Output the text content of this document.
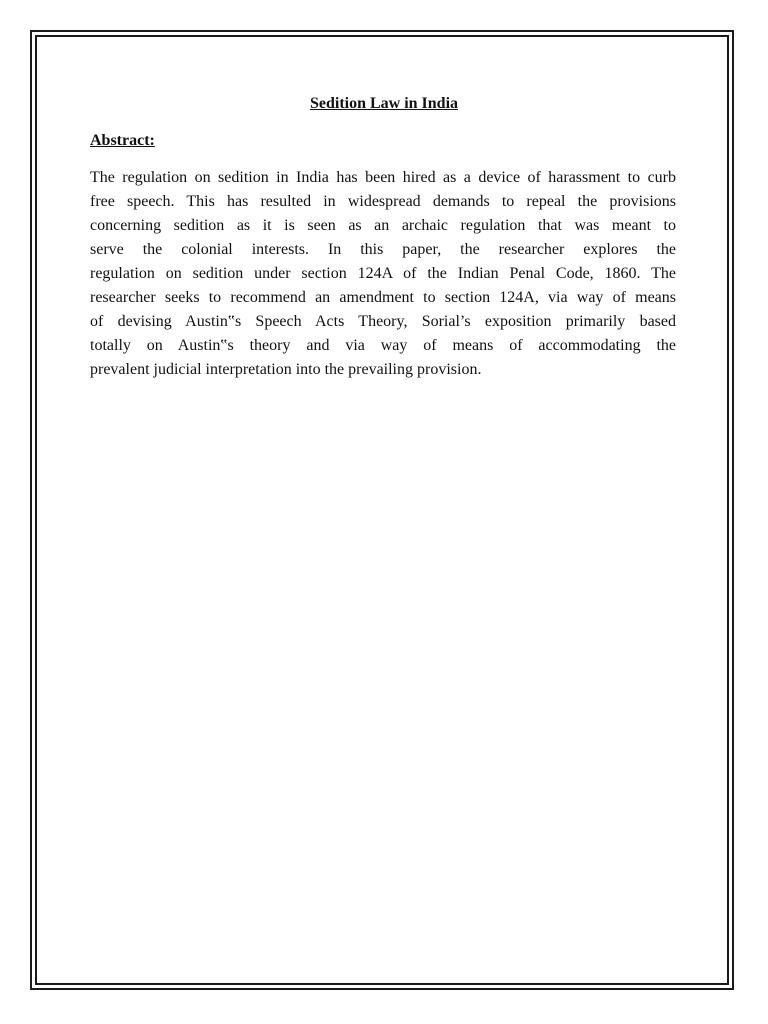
Sedition Law in India
Abstract:
The regulation on sedition in India has been hired as a device of harassment to curb
free speech. This has resulted in widespread demands to repeal the provisions
concerning sedition as it is seen as an archaic regulation that was meant to
serve the colonial interests. In this paper, the researcher explores the
regulation on sedition under section 124A of the Indian Penal Code, 1860. The
researcher seeks to recommend an amendment to section 124A, via way of means
of devising Austin‟s Speech Acts Theory, Sorial’s exposition primarily based
totally on Austin‟s theory and via way of means of accommodating the
prevalent judicial interpretation into the prevailing provision.
